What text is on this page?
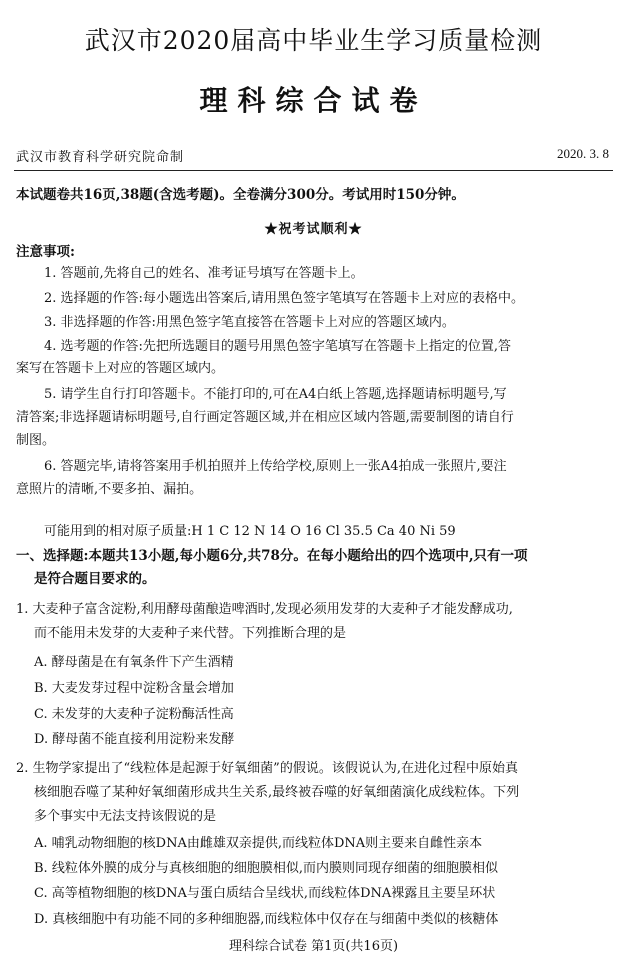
武汉市2020届高中毕业生学习质量检测
理科综合试卷
武汉市教育科学研究院命制	2020. 3. 8
本试题卷共16页,38题(含选考题)。全卷满分300分。考试用时150分钟。
★祝考试顺利★
注意事项:
1. 答题前,先将自己的姓名、准考证号填写在答题卡上。
2. 选择题的作答:每小题选出答案后,请用黑色签字笔填写在答题卡上对应的表格中。
3. 非选择题的作答:用黑色签字笔直接答在答题卡上对应的答题区域内。
4. 选考题的作答:先把所选题目的题号用黑色签字笔填写在答题卡上指定的位置,答
案写在答题卡上对应的答题区域内。
5. 请学生自行打印答题卡。不能打印的,可在A4白纸上答题,选择题请标明题号,写
清答案;非选择题请标明题号,自行画定答题区域,并在相应区域内答题,需要制图的请自行
制图。
6. 答题完毕,请将答案用手机拍照并上传给学校,原则上一张A4拍成一张照片,要注
意照片的清晰,不要多拍、漏拍。
可能用到的相对原子质量:H 1 C 12 N 14 O 16 Cl 35.5 Ca 40 Ni 59
一、选择题:本题共13小题,每小题6分,共78分。在每小题给出的四个选项中,只有一项
是符合题目要求的。
1. 大麦种子富含淀粉,利用酵母菌酿造啤酒时,发现必须用发芽的大麦种子才能发酵成功,
而不能用未发芽的大麦种子来代替。下列推断合理的是
A. 酵母菌是在有氧条件下产生酒精
B. 大麦发芽过程中淀粉含量会增加
C. 未发芽的大麦种子淀粉酶活性高
D. 酵母菌不能直接利用淀粉来发酵
2. 生物学家提出了“线粒体是起源于好氧细菌”的假说。该假说认为,在进化过程中原始真
核细胞吞噬了某种好氧细菌形成共生关系,最终被吞噬的好氧细菌演化成线粒体。下列
多个事实中无法支持该假说的是
A. 哺乳动物细胞的核DNA由雌雄双亲提供,而线粒体DNA则主要来自雌性亲本
B. 线粒体外膜的成分与真核细胞的细胞膜相似,而内膜则同现存细菌的细胞膜相似
C. 高等植物细胞的核DNA与蛋白质结合呈线状,而线粒体DNA裸露且主要呈环状
D. 真核细胞中有功能不同的多种细胞器,而线粒体中仅存在与细菌中类似的核糖体
理科综合试卷 第1页(共16页)
